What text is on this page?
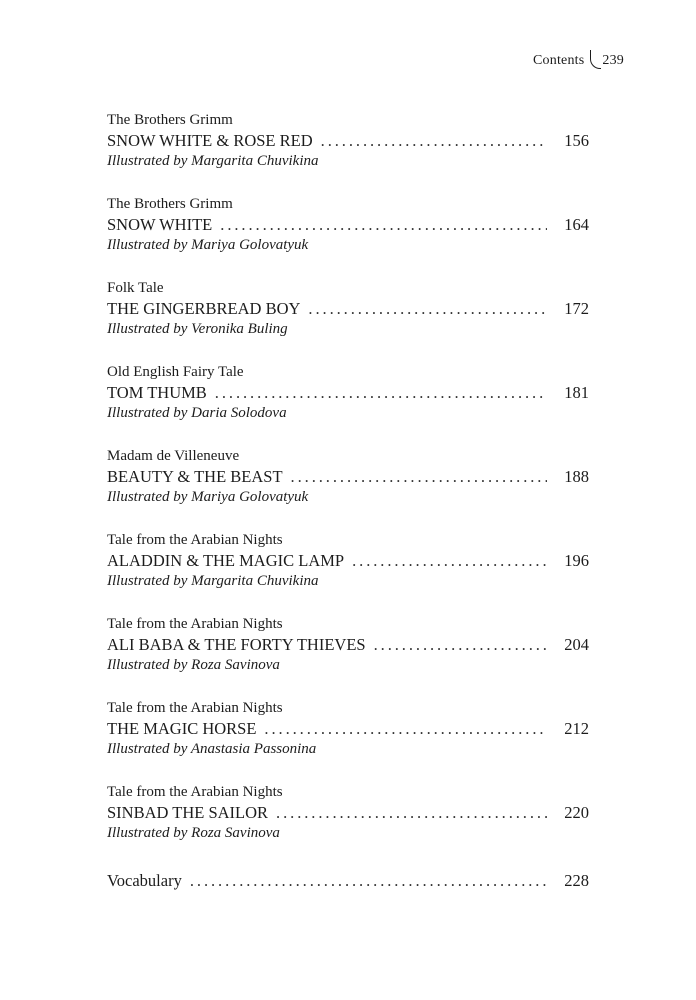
Contents 239
The Brothers Grimm
SNOW WHITE & ROSE RED . . .	156
Illustrated by Margarita Chuvikina
The Brothers Grimm
SNOW WHITE . . .	164
Illustrated by Mariya Golovatyuk
Folk Tale
THE GINGERBREAD BOY . . .	172
Illustrated by Veronika Buling
Old English Fairy Tale
TOM THUMB . . .	181
Illustrated by Daria Solodova
Madam de Villeneuve
BEAUTY & THE BEAST . . .	188
Illustrated by Mariya Golovatyuk
Tale from the Arabian Nights
ALADDIN & THE MAGIC LAMP . . .	196
Illustrated by Margarita Chuvikina
Tale from the Arabian Nights
ALI BABA & THE FORTY THIEVES . . .	204
Illustrated by Roza Savinova
Tale from the Arabian Nights
THE MAGIC HORSE . . .	212
Illustrated by Anastasia Passonina
Tale from the Arabian Nights
SINBAD THE SAILOR . . .	220
Illustrated by Roza Savinova
Vocabulary . . .	228
